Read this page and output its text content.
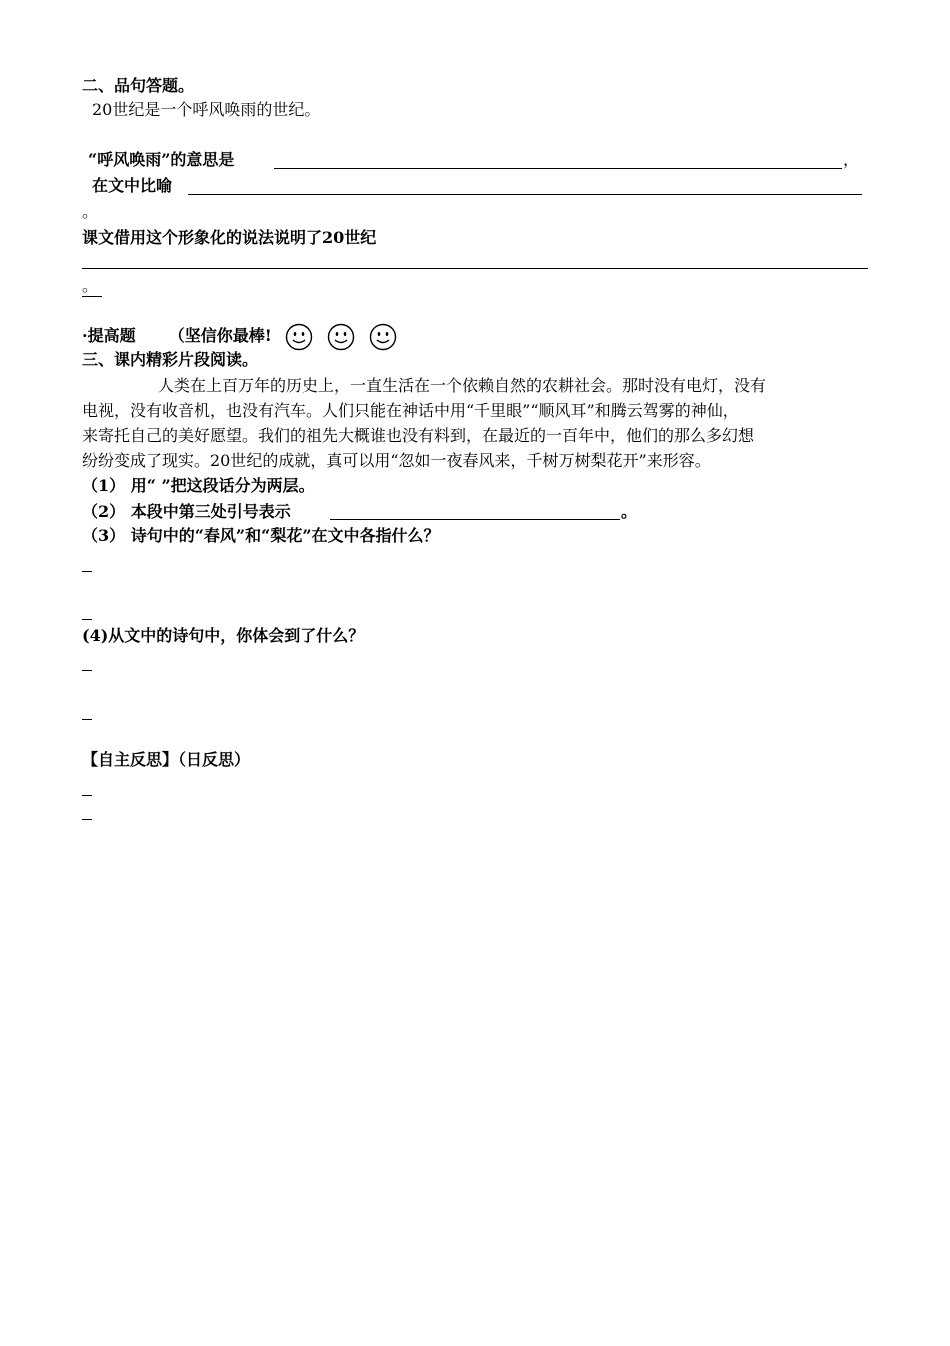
二、品句答题。
20世纪是一个呼风唤雨的世纪。
“呼风唤雨”的意思是	，
在文中比喻
。
课文借用这个形象化的说法说明了20世纪
。
·提高题 （坚信你最棒!
三、课内精彩片段阅读。
人类在上百万年的历史上，一直生活在一个依赖自然的农耕社会。那时没有电灯，没有
电视，没有收音机，也没有汽车。人们只能在神话中用“千里眼”“顺风耳”和腾云驾雾的神仙，
来寄托自己的美好愿望。我们的祖先大概谁也没有料到，在最近的一百年中，他们的那么多幻想
纷纷变成了现实。20世纪的成就，真可以用“忽如一夜春风来，千树万树梨花开”来形容。
（1） 用“ ”把这段话分为两层。
（2） 本段中第三处引号表示	。
（3） 诗句中的“春风”和“梨花”在文中各指什么？
(4)从文中的诗句中，你体会到了什么？
【自主反思】（日反思）
